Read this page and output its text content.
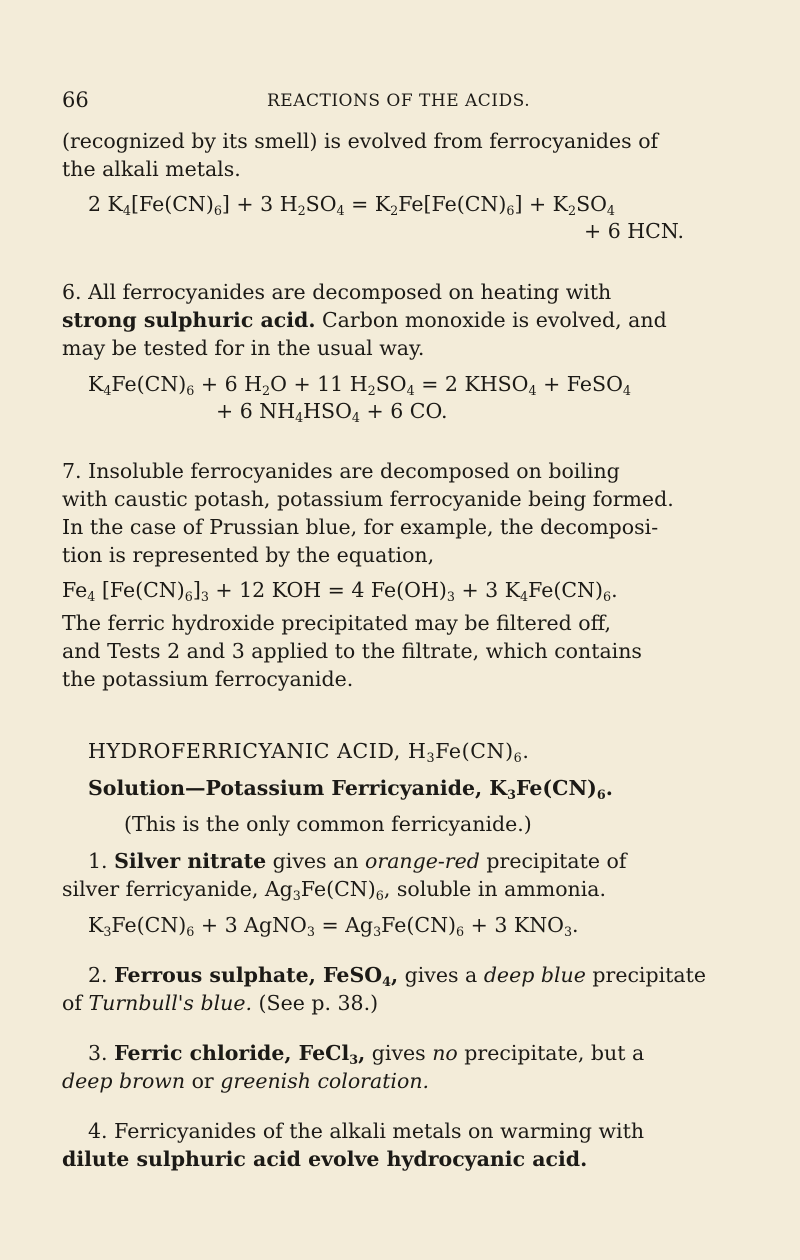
66	REACTIONS OF THE ACIDS.
(recognized by its smell) is evolved from ferrocyanides of
the alkali metals.
2 $K_4[Fe(CN)_6] + 3$ $H_2SO_4 = K_2Fe[Fe(CN)_6] + K_2SO_4$
+ 6 HCN.
6. All ferrocyanides are decomposed on heating with
strong sulphuric acid. Carbon monoxide is evolved, and
may be tested for in the usual way.
$K_4Fe(CN)_6 + 6$ $H_2O + 11$ $H_2SO_4 = 2$ $KHSO_4$ + FeSO$_4$
+ 6 $NH_4HSO_4 + 6$ CO.
7. Insoluble ferrocyanides are decomposed on boiling
with caustic potash, potassium ferrocyanide being formed.
In the case of Prussian blue, for example, the decomposi-
tion is represented by the equation,
$Fe_4$ $[Fe(CN)_6]_3 + 12$ KOH = 4 $Fe(OH)_3 + 3$ $K_4Fe(CN)_6$.
The ferric hydroxide precipitated may be filtered off,
and Tests 2 and 3 applied to the filtrate, which contains
the potassium ferrocyanide.
HYDROFERRICYANIC ACID, $H_3Fe(CN)_6$.
Solution—Potassium Ferricyanide, $K_3Fe(CN)_6$.
(This is the only common ferricyanide.)
1. Silver nitrate gives an orange-red precipitate of
silver ferricyanide, $Ag_3Fe(CN)_6$, soluble in ammonia.
$K_3Fe(CN)_6 + 3$ AgNO$_3$ = $Ag_3Fe(CN)_6 + 3$ $KNO_3$.
2. Ferrous sulphate, FeSO$_4$, gives a deep blue precipitate
of Turnbull's blue. (See p. 38.)
3. Ferric chloride, FeCl$_3$, gives no precipitate, but a
deep brown or greenish coloration.
4. Ferricyanides of the alkali metals on warming with
dilute sulphuric acid evolve hydrocyanic acid.
